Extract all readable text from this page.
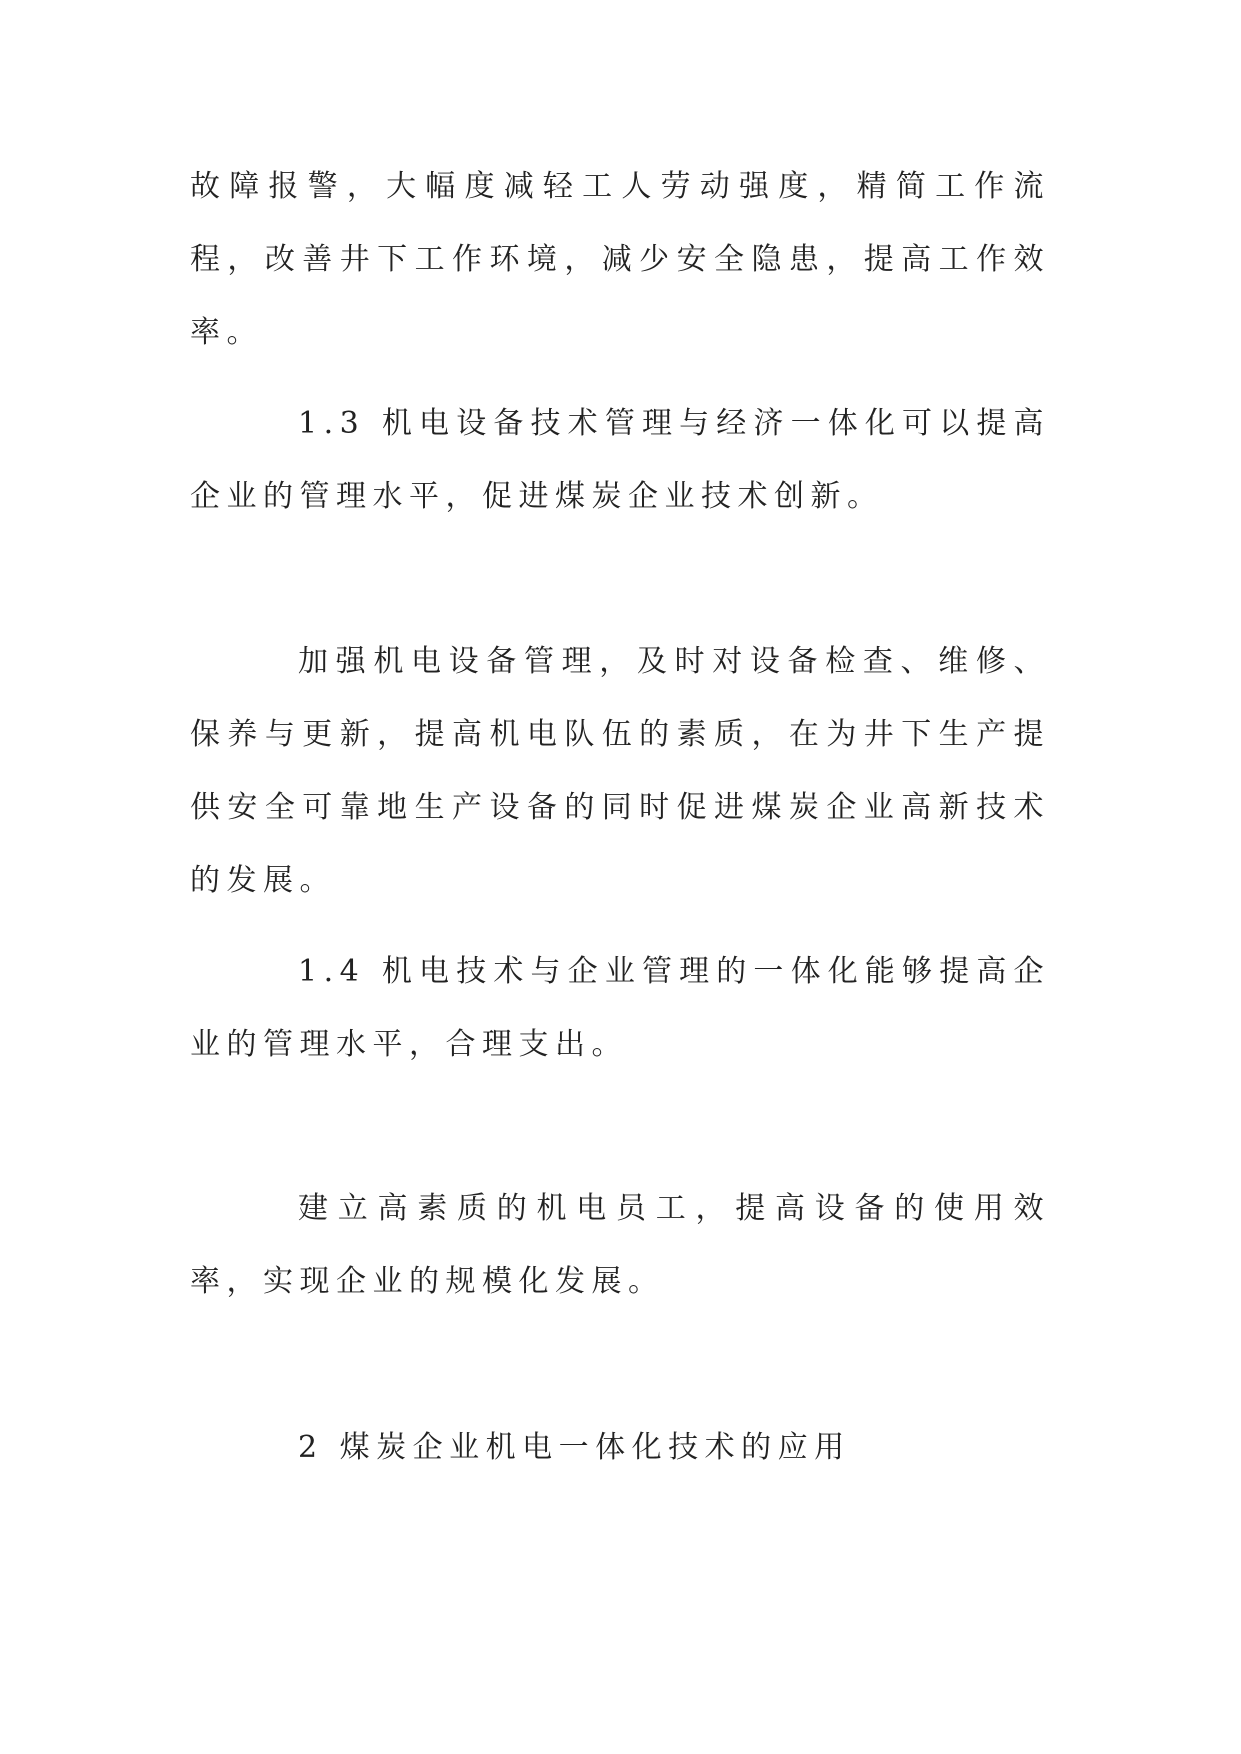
故障报警，大幅度减轻工人劳动强度，精简工作流程，改善井下工作环境，减少安全隐患，提高工作效率。

1.3 机电设备技术管理与经济一体化可以提高企业的管理水平，促进煤炭企业技术创新。

加强机电设备管理，及时对设备检查、维修、保养与更新，提高机电队伍的素质，在为井下生产提供安全可靠地生产设备的同时促进煤炭企业高新技术的发展。

1.4 机电技术与企业管理的一体化能够提高企业的管理水平，合理支出。

建立高素质的机电员工，提高设备的使用效率，实现企业的规模化发展。

2 煤炭企业机电一体化技术的应用
